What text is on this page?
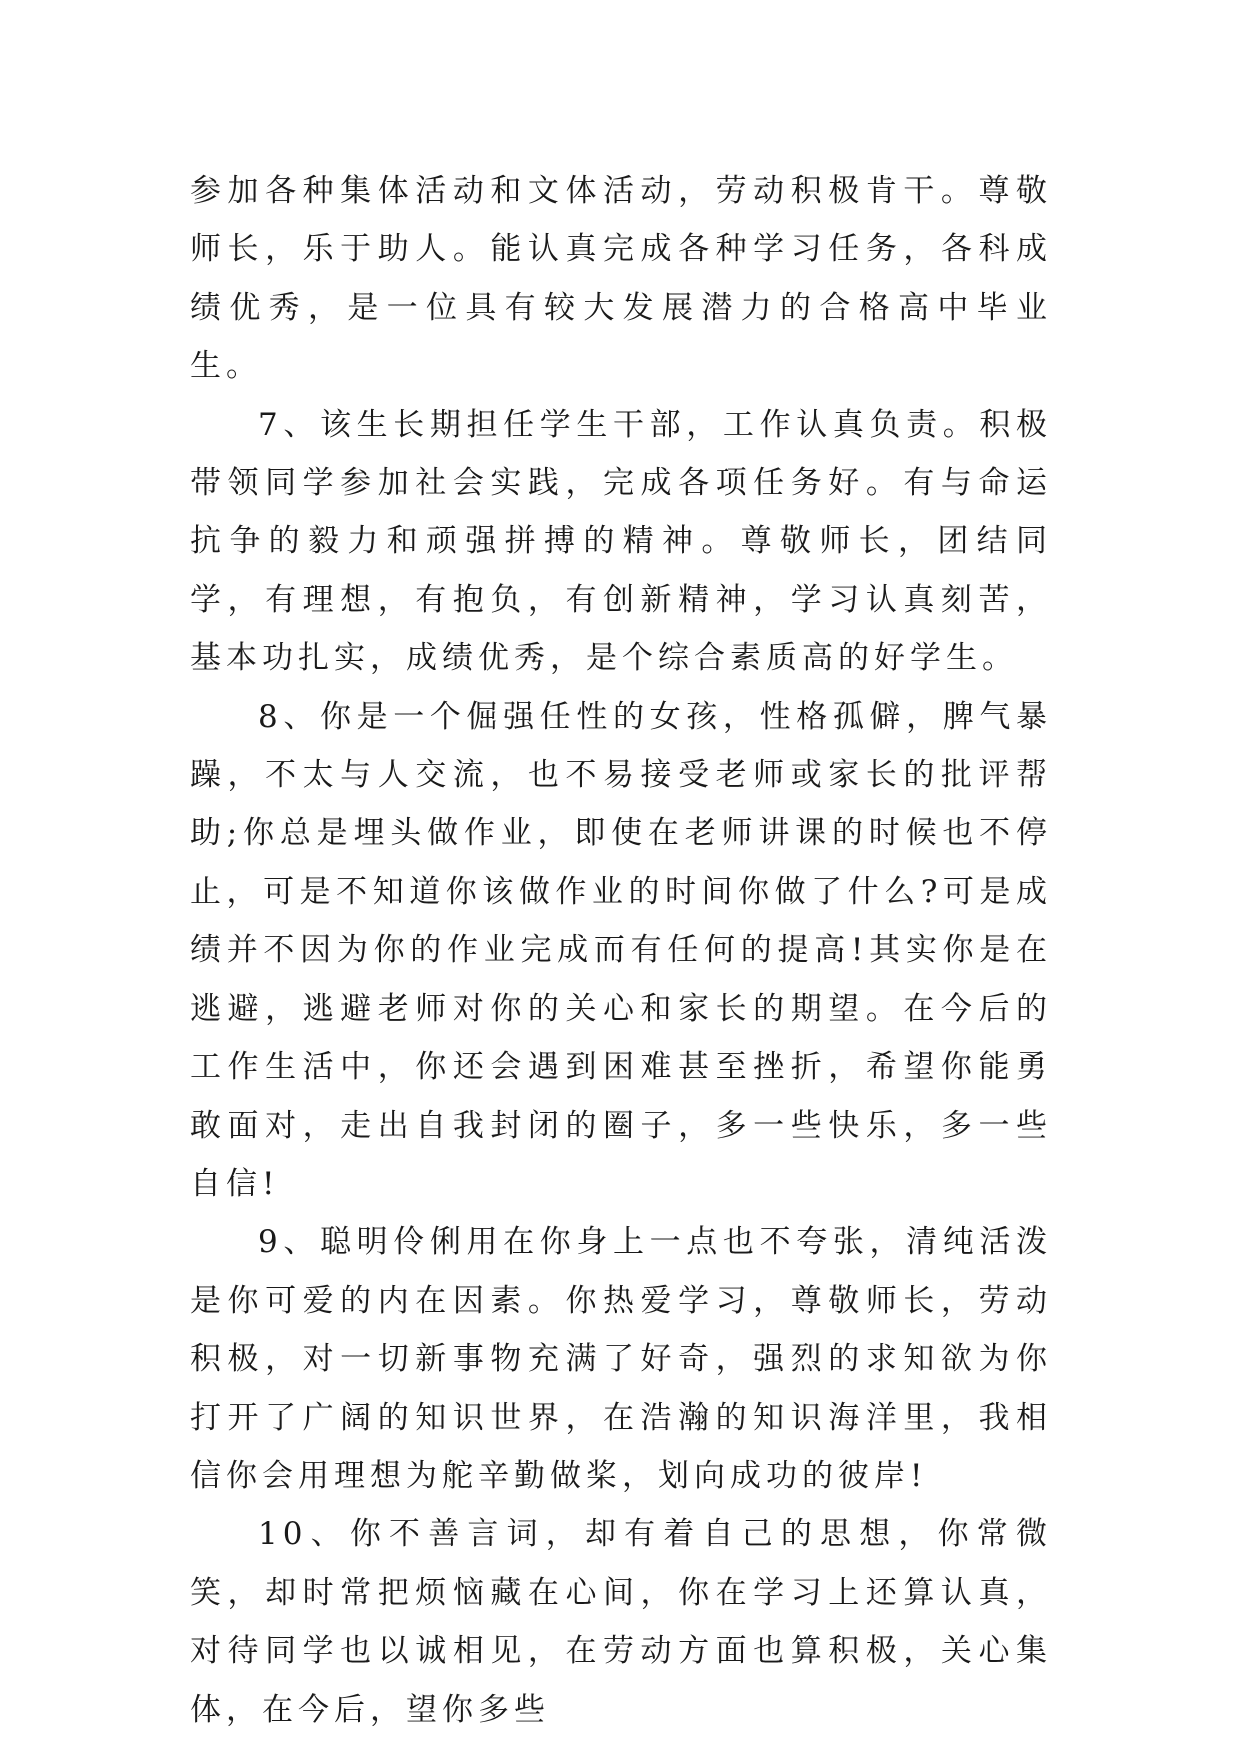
参加各种集体活动和文体活动，劳动积极肯干。尊敬师长，乐于助人。能认真完成各种学习任务，各科成绩优秀，是一位具有较大发展潜力的合格高中毕业生。

7、该生长期担任学生干部，工作认真负责。积极带领同学参加社会实践，完成各项任务好。有与命运抗争的毅力和顽强拼搏的精神。尊敬师长，团结同学，有理想，有抱负，有创新精神，学习认真刻苦，基本功扎实，成绩优秀，是个综合素质高的好学生。

8、你是一个倔强任性的女孩，性格孤僻，脾气暴躁，不太与人交流，也不易接受老师或家长的批评帮助;你总是埋头做作业，即使在老师讲课的时候也不停止，可是不知道你该做作业的时间你做了什么?可是成绩并不因为你的作业完成而有任何的提高!其实你是在逃避，逃避老师对你的关心和家长的期望。在今后的工作生活中，你还会遇到困难甚至挫折，希望你能勇敢面对，走出自我封闭的圈子，多一些快乐，多一些自信!

9、聪明伶俐用在你身上一点也不夸张，清纯活泼是你可爱的内在因素。你热爱学习，尊敬师长，劳动积极，对一切新事物充满了好奇，强烈的求知欲为你打开了广阔的知识世界，在浩瀚的知识海洋里，我相信你会用理想为舵辛勤做桨，划向成功的彼岸!

10、你不善言词，却有着自己的思想，你常微笑，却时常把烦恼藏在心间，你在学习上还算认真，对待同学也以诚相见，在劳动方面也算积极，关心集体，在今后，望你多些
